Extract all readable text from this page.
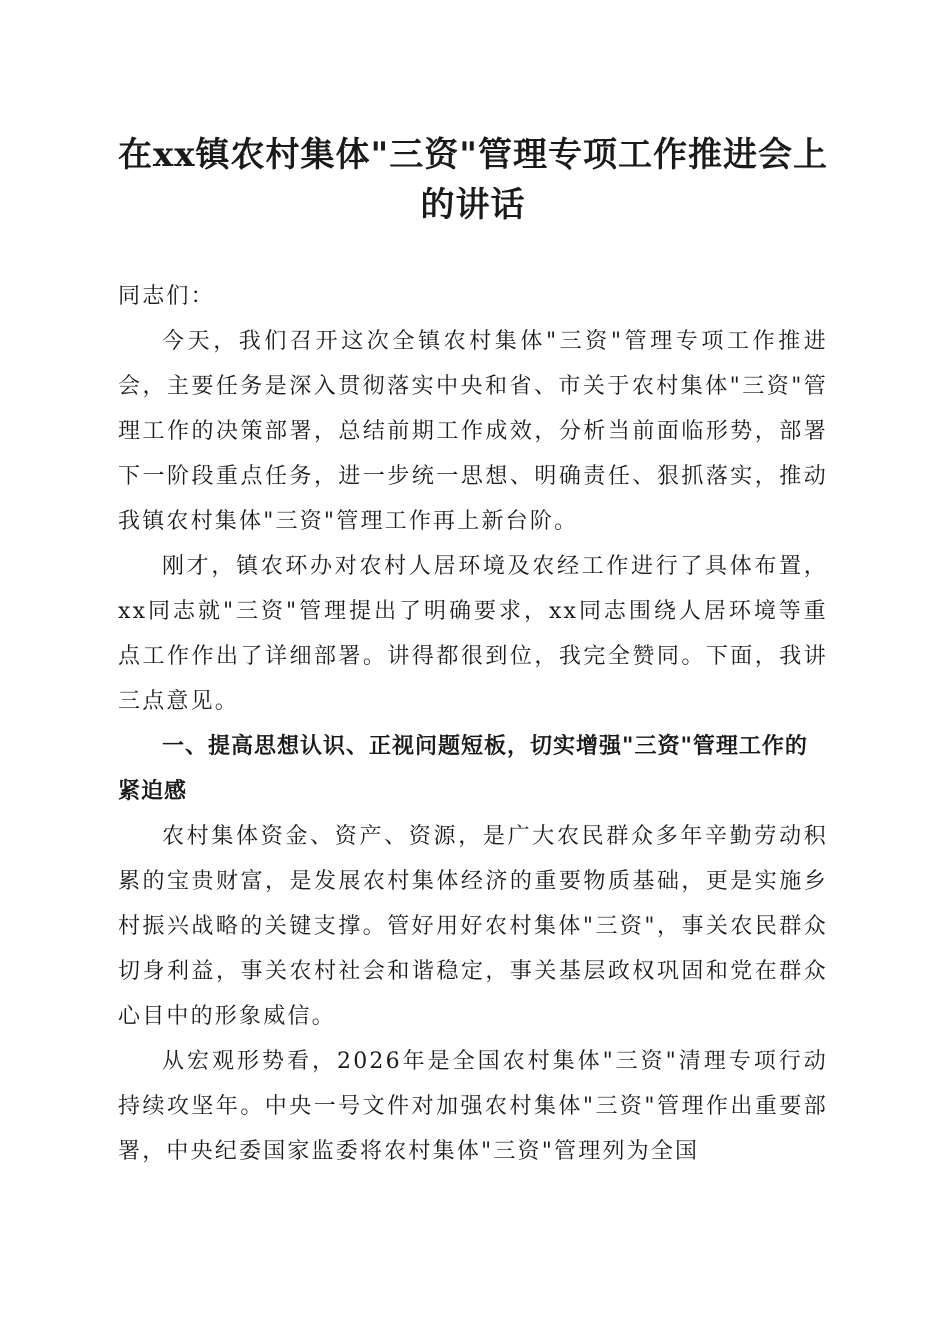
在xx镇农村集体"三资"管理专项工作推进会上的讲话

同志们：

今天，我们召开这次全镇农村集体"三资"管理专项工作推进会，主要任务是深入贯彻落实中央和省、市关于农村集体"三资"管理工作的决策部署，总结前期工作成效，分析当前面临形势，部署下一阶段重点任务，进一步统一思想、明确责任、狠抓落实，推动我镇农村集体"三资"管理工作再上新台阶。

刚才，镇农环办对农村人居环境及农经工作进行了具体布置，xx同志就"三资"管理提出了明确要求，xx同志围绕人居环境等重点工作作出了详细部署。讲得都很到位，我完全赞同。下面，我讲三点意见。

一、提高思想认识、正视问题短板，切实增强"三资"管理工作的紧迫感

农村集体资金、资产、资源，是广大农民群众多年辛勤劳动积累的宝贵财富，是发展农村集体经济的重要物质基础，更是实施乡村振兴战略的关键支撑。管好用好农村集体"三资"，事关农民群众切身利益，事关农村社会和谐稳定，事关基层政权巩固和党在群众心目中的形象威信。

从宏观形势看，2026年是全国农村集体"三资"清理专项行动持续攻坚年。中央一号文件对加强农村集体"三资"管理作出重要部署，中央纪委国家监委将农村集体"三资"管理列为全国
